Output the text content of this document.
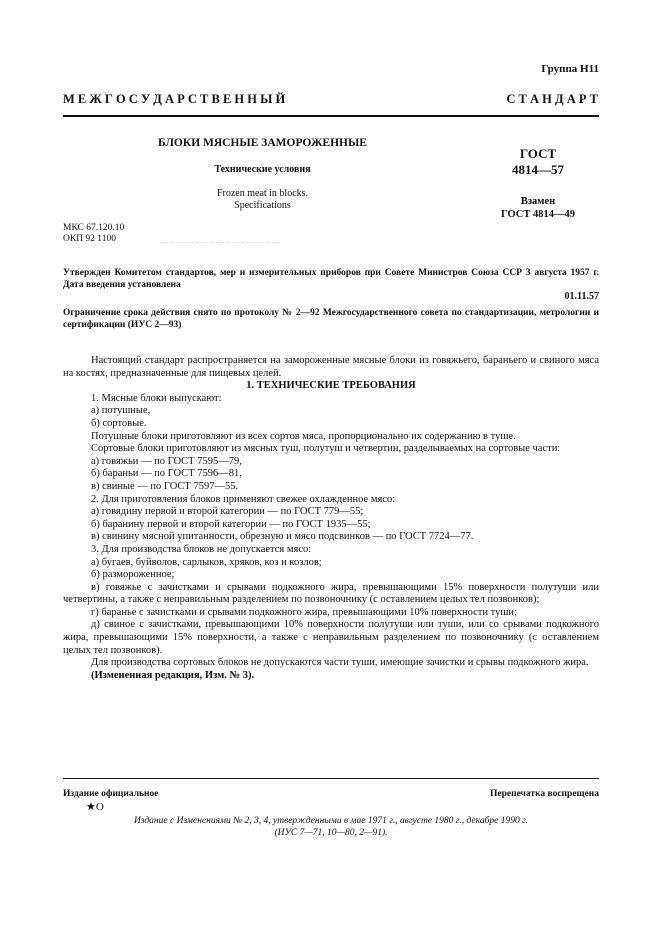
Группа Н11
М Е Ж Г О С У Д А Р С Т В Е Н Н Ы Й	С Т А Н Д А Р Т
БЛОКИ МЯСНЫЕ ЗАМОРОЖЕННЫЕ
Технические условия
Frozen meat in blocks.
Specifications
ГОСТ
4814—57
Взамен
ГОСТ 4814—49
МКС 67.120.10
ОКП 92 1100
Утвержден Комитетом стандартов, мер и измерительных приборов при Совете Министров Союза ССР 3 августа 1957 г. Дата введения установлена
01.11.57
Ограничение срока действия снято по протоколу № 2—92 Межгосударственного совета по стандартизации, метрологии и сертификации (ИУС 2—93)

Настоящий стандарт распространяется на замороженные мясные блоки из говяжьего, бараньего и свиного мяса на костях, предназначенные для пищевых целей.

1. ТЕХНИЧЕСКИЕ ТРЕБОВАНИЯ

1. Мясные блоки выпускают:

а) потушные,

б) сортовые.

Потушные блоки приготовляют из всех сортов мяса, пропорционально их содержанию в туше.

Сортовые блоки приготовляют из мясных туш, полутуш и четвертин, разделываемых на сортовые части:

а) говяжьи — по ГОСТ 7595—79,

б) бараньи — по ГОСТ 7596—81,

в) свиные — по ГОСТ 7597—55.

2. Для приготовления блоков применяют свежее охлажденное мясо:

а) говядину первой и второй категории — по ГОСТ 779—55;

б) баранину первой и второй категории — по ГОСТ 1935—55;

в) свинину мясной упитанности, обрезную и мясо подсвинков — по ГОСТ 7724—77.

3. Для производства блоков не допускается мясо:

а) бугаев, буйволов, сарлыков, хряков, коз и козлов;

б) размороженное;

в) говяжье с зачистками и срывами подкожного жира, превышающими 15% поверхности полутуши или четвертины, а также с неправильным разделением по позвоночнику (с оставлением целых тел позвонков);

г) баранье с зачистками и срывами подкожного жира, превышающими 10% поверхности туши;

д) свиное с зачистками, превышающими 10% поверхности полутуши или туши, или со срывами подкожного жира, превышающими 15% поверхности, а также с неправильным разделением по позвоночнику (с оставлением целых тел позвонков).

Для производства сортовых блоков не допускаются части туши, имеющие зачистки и срывы подкожного жира.

(Измененная редакция, Изм. № 3).

Издание официальное	Перепечатка воспрещена
★О
Издание с Изменениями № 2, 3, 4, утвержденными в мае 1971 г., августе 1980 г., декабре 1990 г.
(ИУС 7—71, 10—80, 2—91).
